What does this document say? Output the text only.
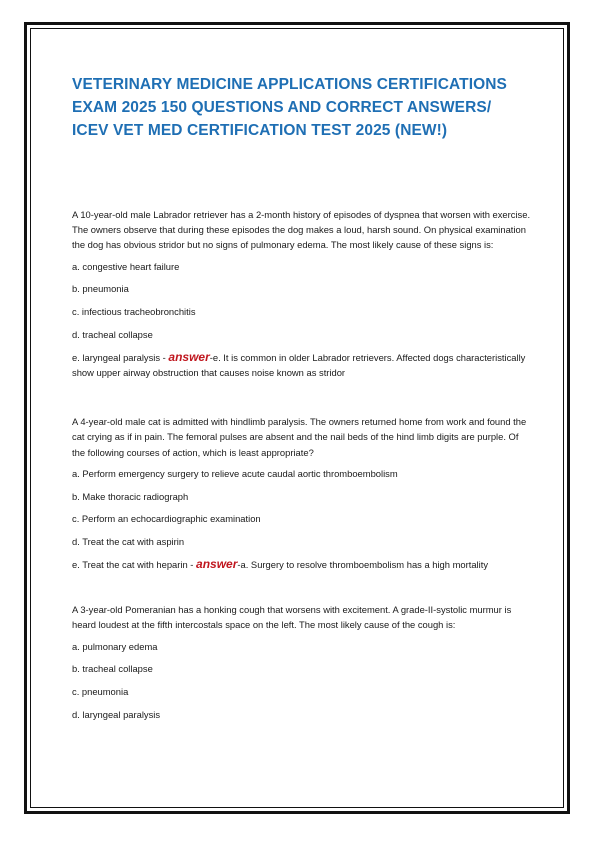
VETERINARY MEDICINE APPLICATIONS CERTIFICATIONS EXAM 2025 150 QUESTIONS AND CORRECT ANSWERS/ ICEV VET MED CERTIFICATION TEST 2025 (NEW!)

A 10-year-old male Labrador retriever has a 2-month history of episodes of dyspnea that worsen with exercise. The owners observe that during these episodes the dog makes a loud, harsh sound. On physical examination the dog has obvious stridor but no signs of pulmonary edema. The most likely cause of these signs is:

a. congestive heart failure

b. pneumonia

c. infectious tracheobronchitis

d. tracheal collapse

e. laryngeal paralysis - answer-e. It is common in older Labrador retrievers. Affected dogs characteristically show upper airway obstruction that causes noise known as stridor

A 4-year-old male cat is admitted with hindlimb paralysis. The owners returned home from work and found the cat crying as if in pain. The femoral pulses are absent and the nail beds of the hind limb digits are purple. Of the following courses of action, which is least appropriate?

a. Perform emergency surgery to relieve acute caudal aortic thromboembolism

b. Make thoracic radiograph

c. Perform an echocardiographic examination

d. Treat the cat with aspirin

e. Treat the cat with heparin - answer-a. Surgery to resolve thromboembolism has a high mortality

A 3-year-old Pomeranian has a honking cough that worsens with excitement. A grade-II-systolic murmur is heard loudest at the fifth intercostals space on the left. The most likely cause of the cough is:

a. pulmonary edema

b. tracheal collapse

c. pneumonia

d. laryngeal paralysis
